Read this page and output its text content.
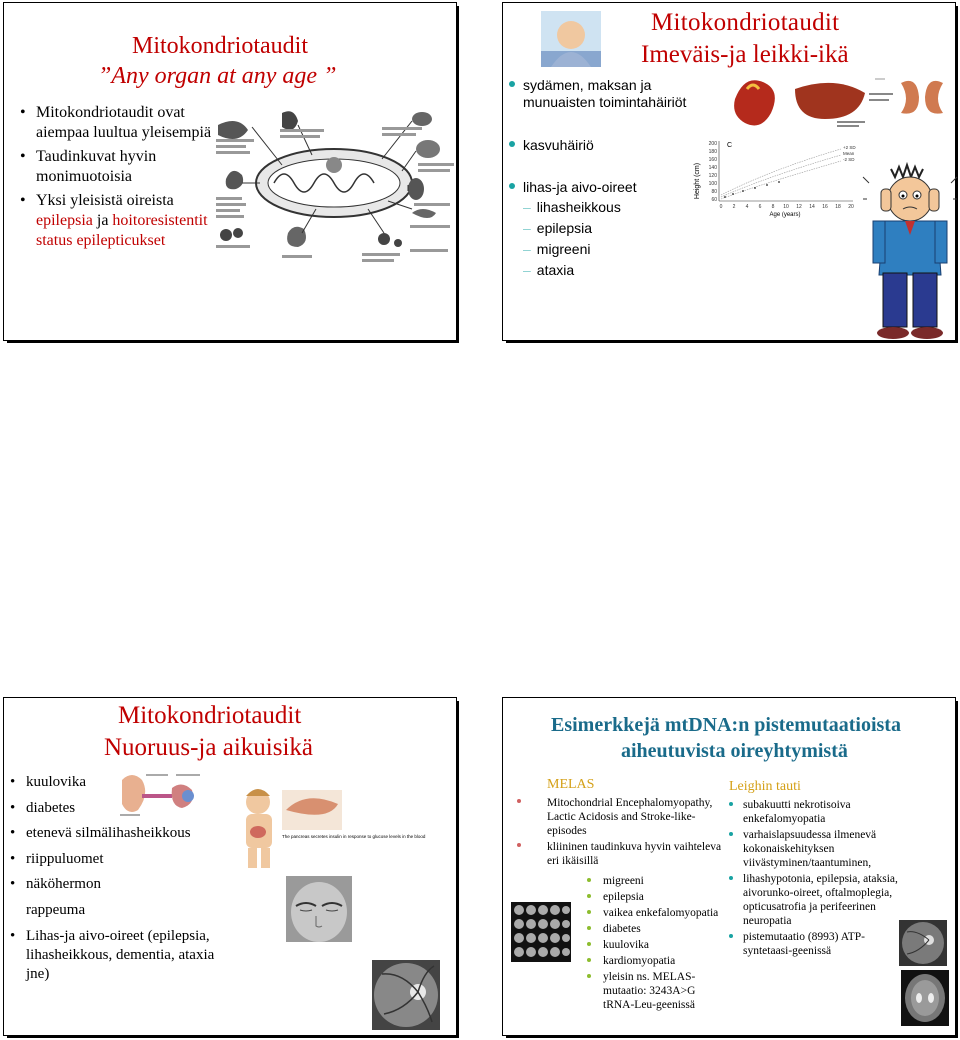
Mitokondriotaudit
”Any organ at any age ”
• Mitokondriotaudit ovat aiempaa luultua yleisempiä
• Taudinkuvat hyvin monimuotoisia
• Yksi yleisistä oireista epilepsia ja hoitoresistentit status epilepticukset
Mitokondriotaudit
Imeväis-ja leikki-ikä
sydämen, maksan ja munuaisten toimintahäiriöt
kasvuhäiriö
lihas-ja aivo-oireet
– lihasheikkous
– epilepsia
– migreeni
– ataxia
Height (cm)
200
180
160
140
120
100
80
60
C	+2 SD
Mean
-2 SD
0 2 4 6 8 10 12 14 16 18 20
Age (years)
Mitokondriotaudit
Nuoruus-ja aikuisikä
• kuulovika
• diabetes
• etenevä silmälihasheikkous
• riippuluomet
• näköhermon
rappeuma
• Lihas-ja aivo-oireet (epilepsia, lihasheikkous, dementia, ataxia jne)
The pancreas secretes insulin in response to glucose levels in the blood
Esimerkkejä mtDNA:n pistemutaatioista
aiheutuvista oireyhtymistä
MELAS
Mitochondrial Encephalomyopathy, Lactic Acidosis and Stroke-like-episodes
kliininen taudinkuva hyvin vaihteleva eri ikäisillä
migreeni
epilepsia
vaikea enkefalomyopatia
diabetes
kuulovika
kardiomyopatia
yleisin ns. MELAS-mutaatio: 3243A>G tRNA-Leu-geenissä
Leighin tauti
subakuutti nekrotisoiva enkefalomyopatia
varhaislapsuudessa ilmenevä kokonaiskehityksen viivästyminen/taantuminen,
lihashypotonia, epilepsia, ataksia, aivorunko-oireet, oftalmoplegia, opticusatrofia ja perifeerinen neuropatia
pistemutaatio (8993) ATP-syntetaasi-geenissä
